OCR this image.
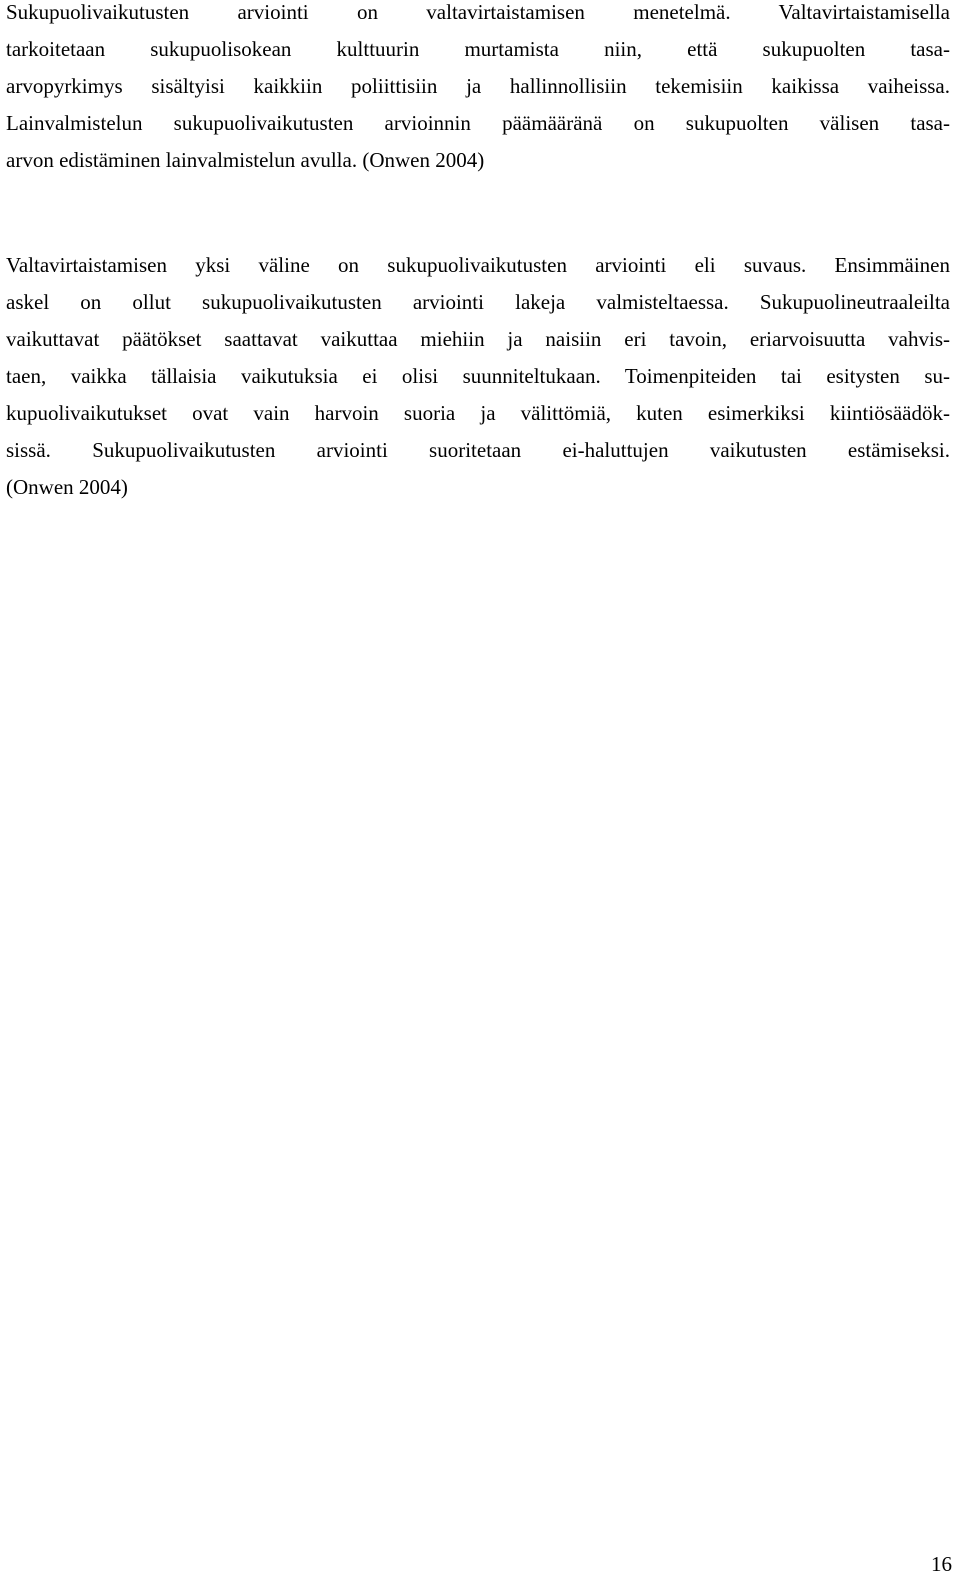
Sukupuolivaikutusten arviointi on valtavirtaistamisen menetelmä. Valtavirtaistamisella
tarkoitetaan sukupuolisokean kulttuurin murtamista niin, että sukupuolten tasa-
arvopyrkimys sisältyisi kaikkiin poliittisiin ja hallinnollisiin tekemisiin kaikissa vaiheissa.
Lainvalmistelun sukupuolivaikutusten arvioinnin päämääränä on sukupuolten välisen tasa-
arvon edistäminen lainvalmistelun avulla. (Onwen 2004)
Valtavirtaistamisen yksi väline on sukupuolivaikutusten arviointi eli suvaus. Ensimmäinen
askel on ollut sukupuolivaikutusten arviointi lakeja valmisteltaessa. Sukupuolineutraaleilta
vaikuttavat päätökset saattavat vaikuttaa miehiin ja naisiin eri tavoin, eriarvoisuutta vahvis-
taen, vaikka tällaisia vaikutuksia ei olisi suunniteltukaan. Toimenpiteiden tai esitysten su-
kupuolivaikutukset ovat vain harvoin suoria ja välittömiä, kuten esimerkiksi kiintiösäädök-
sissä. Sukupuolivaikutusten arviointi suoritetaan ei-haluttujen vaikutusten estämiseksi.
(Onwen 2004)
16
